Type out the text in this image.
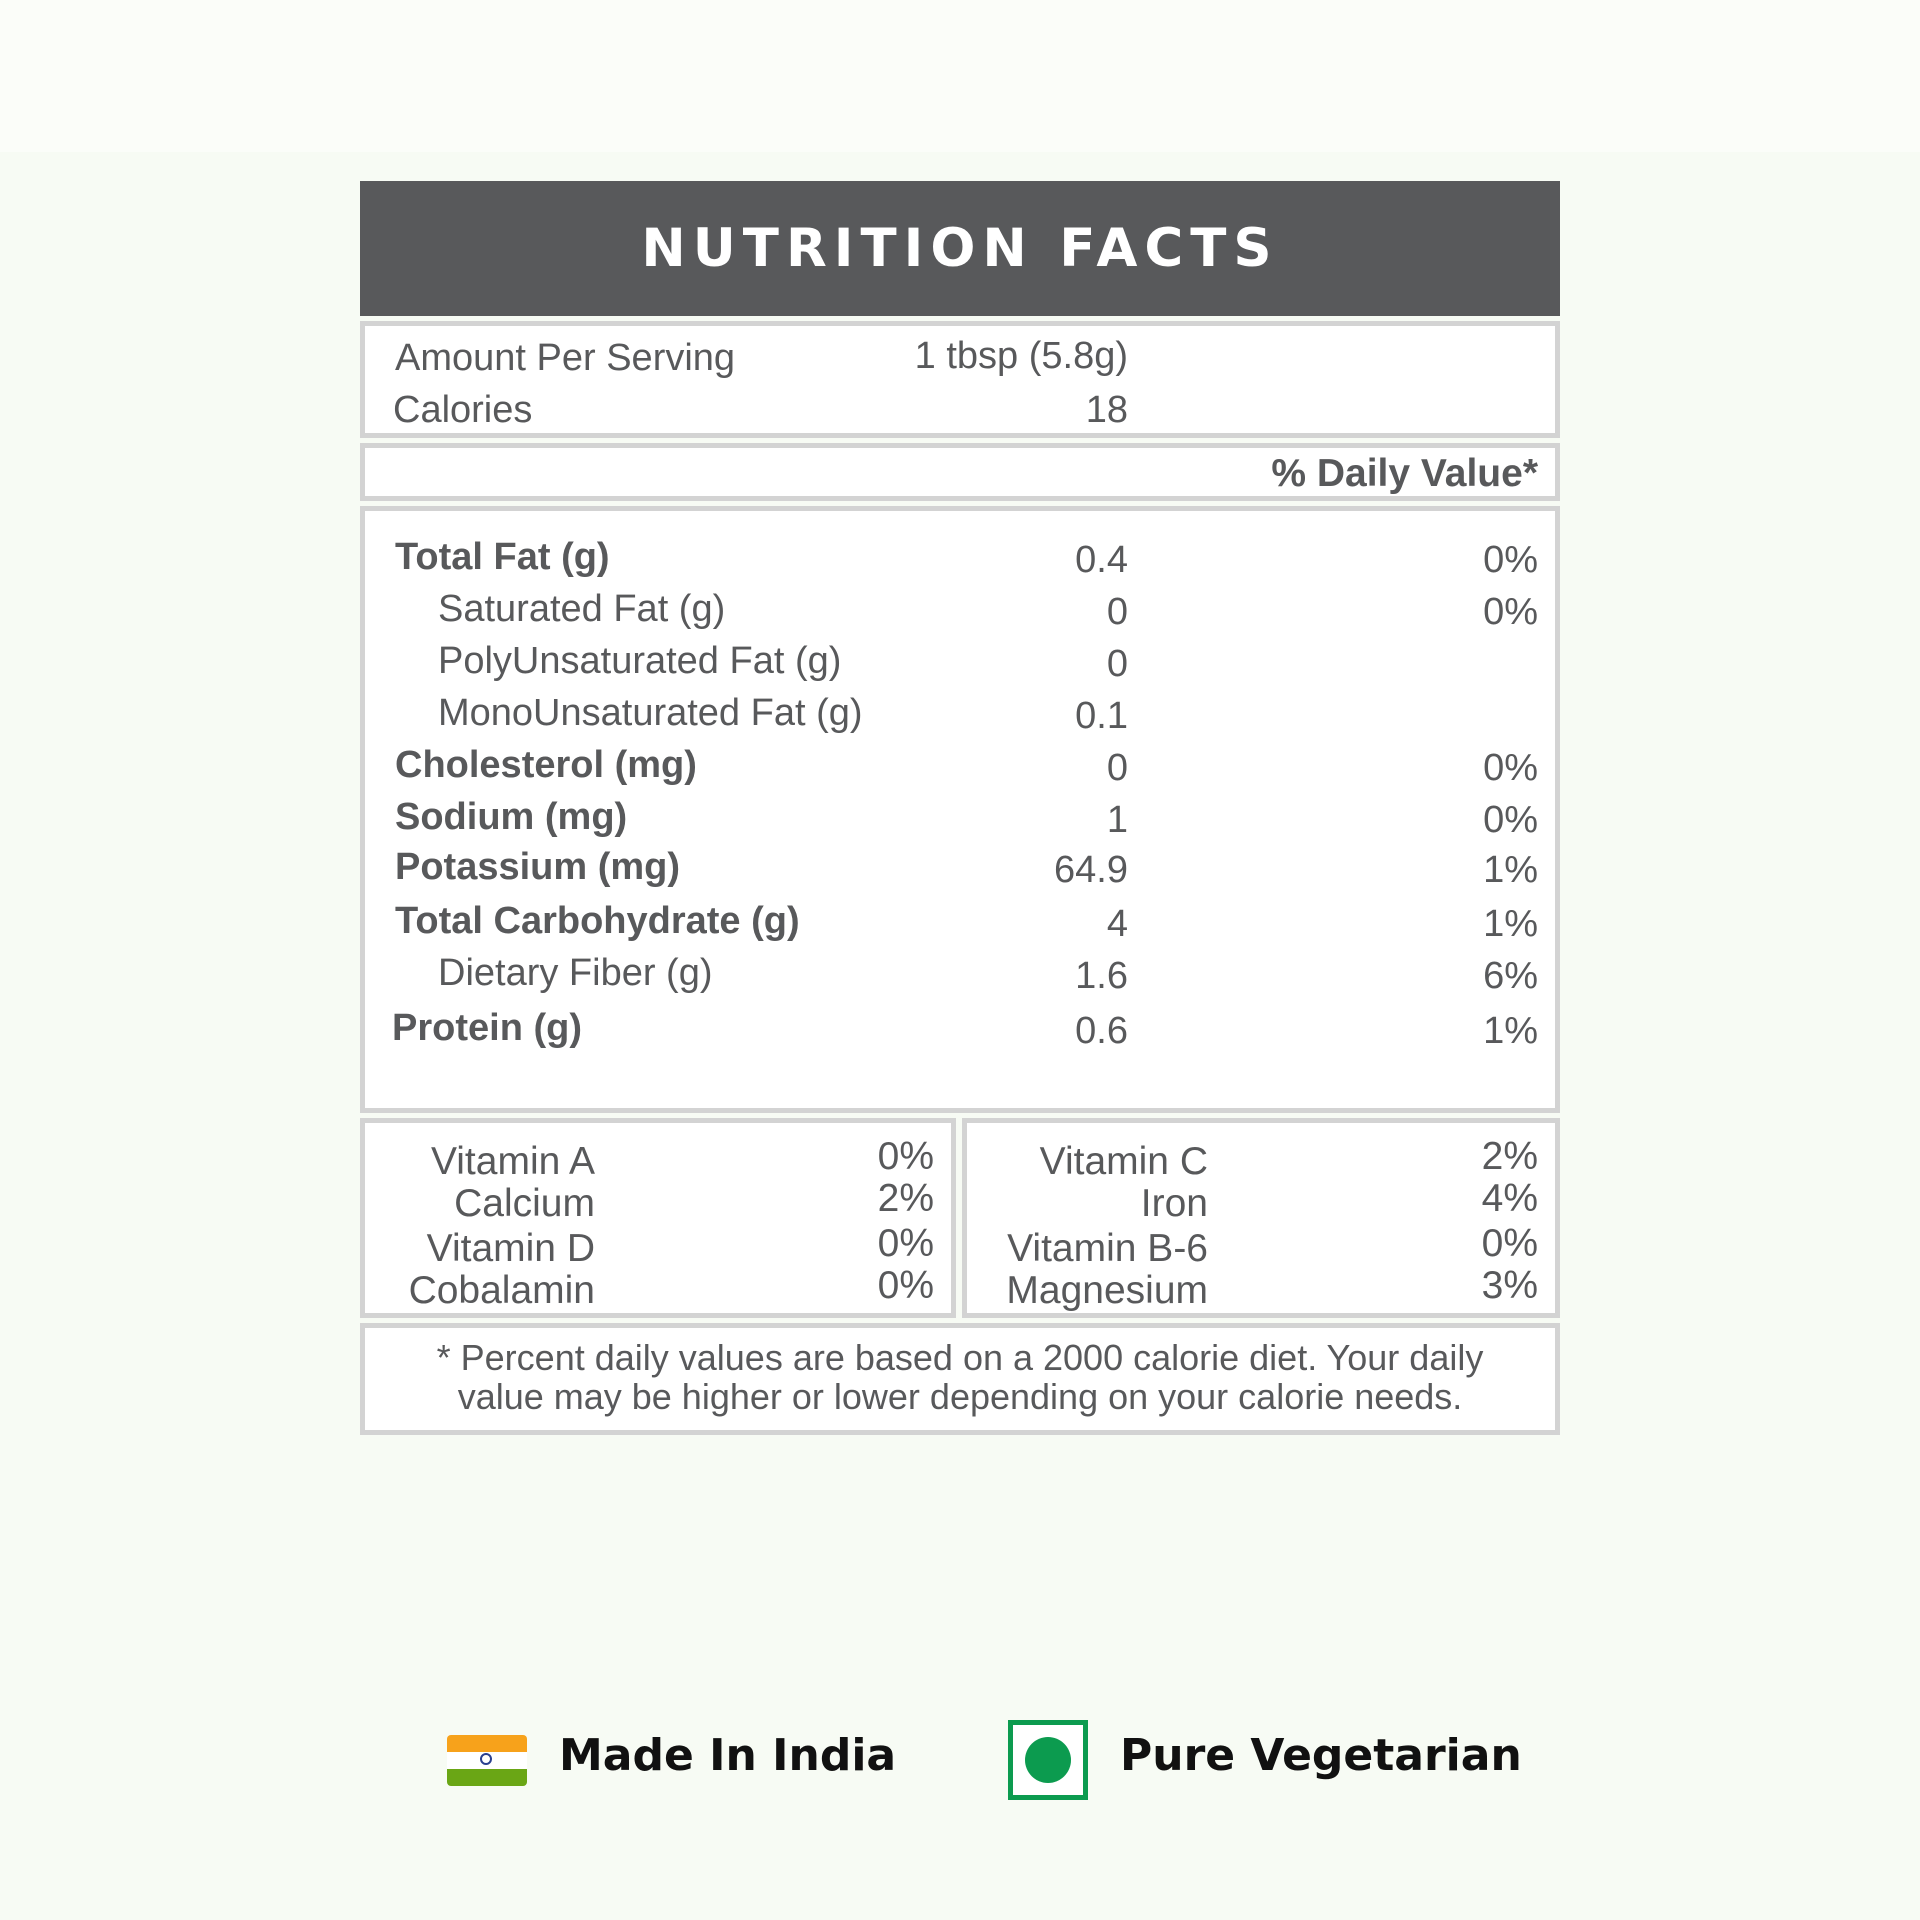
NUTRITION FACTS
Amount Per Serving	1 tbsp (5.8g)
Calories	18
% Daily Value*
Total Fat (g)	0.4	0%
Saturated Fat (g)	0	0%
PolyUnsaturated Fat (g)	0
MonoUnsaturated Fat (g)	0.1
Cholesterol (mg)	0	0%
Sodium (mg)	1	0%
Potassium (mg)	64.9	1%
Total Carbohydrate (g)	4	1%
Dietary Fiber (g)	1.6	6%
Protein (g)	0.6	1%
Vitamin A	0%
Calcium	2%
Vitamin D	0%
Cobalamin	0%
Vitamin C	2%
Iron	4%
Vitamin B-6	0%
Magnesium	3%
* Percent daily values are based on a 2000 calorie diet. Your daily
value may be higher or lower depending on your calorie needs.
Made In India	Pure Vegetarian
